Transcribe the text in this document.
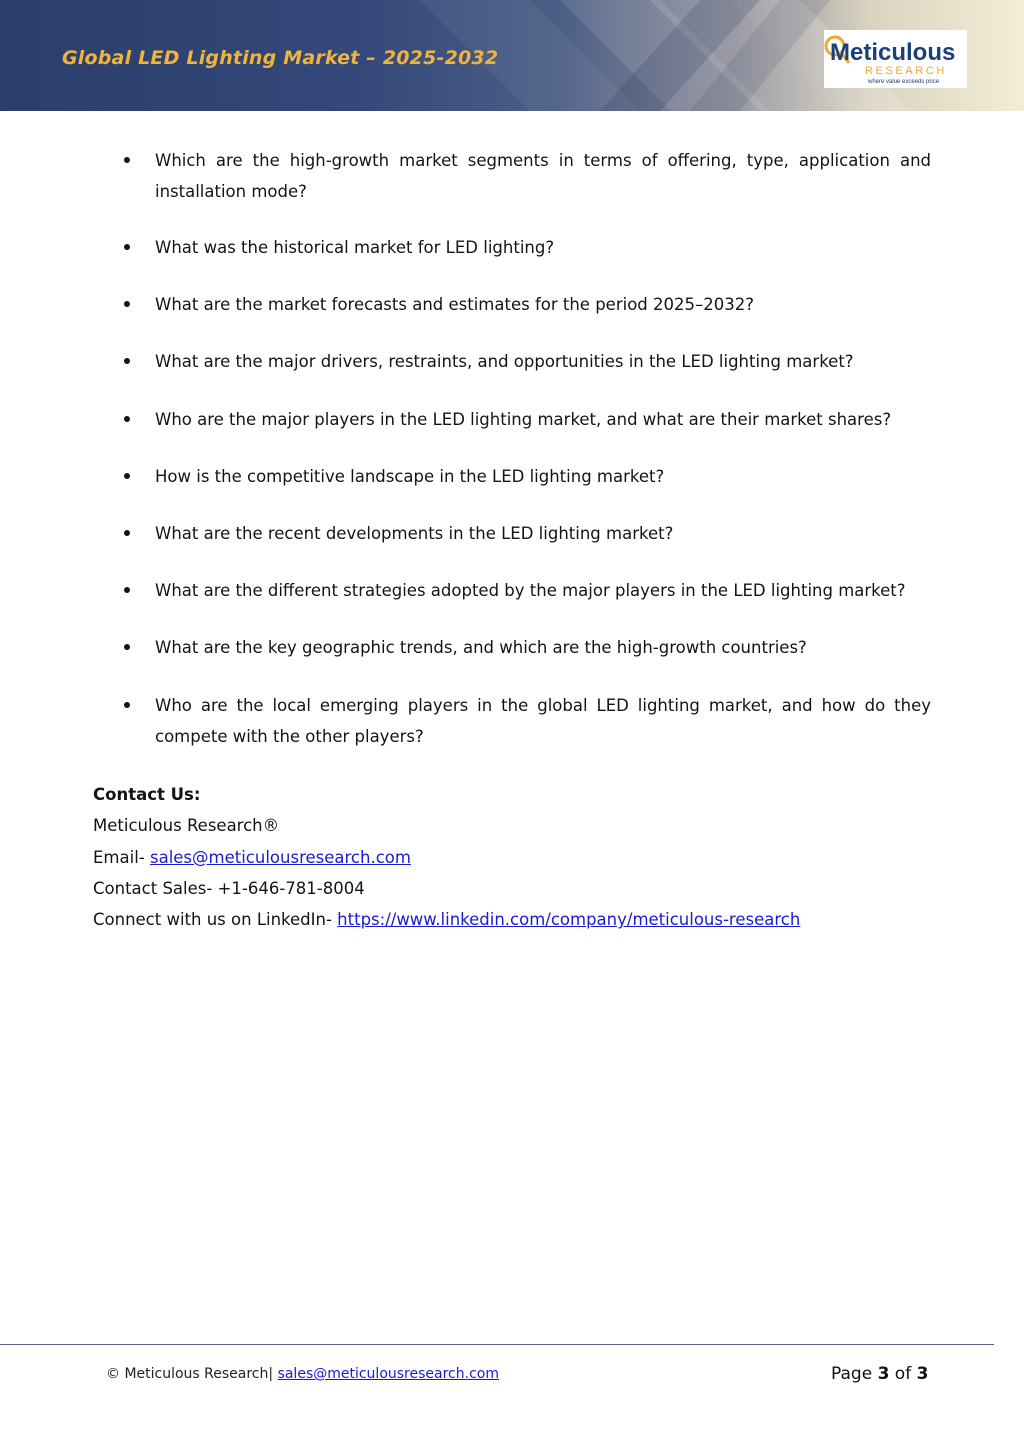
Global LED Lighting Market – 2025-2032	Meticulous
RESEARCH
where value exceeds price
Which are the high-growth market segments in terms of offering, type, application and installation mode?
What was the historical market for LED lighting?
What are the market forecasts and estimates for the period 2025–2032?
What are the major drivers, restraints, and opportunities in the LED lighting market?
Who are the major players in the LED lighting market, and what are their market shares?
How is the competitive landscape in the LED lighting market?
What are the recent developments in the LED lighting market?
What are the different strategies adopted by the major players in the LED lighting market?
What are the key geographic trends, and which are the high-growth countries?
Who are the local emerging players in the global LED lighting market, and how do they compete with the other players?
Contact Us:
Meticulous Research®
Email- sales@meticulousresearch.com
Contact Sales- +1-646-781-8004
Connect with us on LinkedIn- https://www.linkedin.com/company/meticulous-research
© Meticulous Research| sales@meticulousresearch.com	Page 3 of 3
